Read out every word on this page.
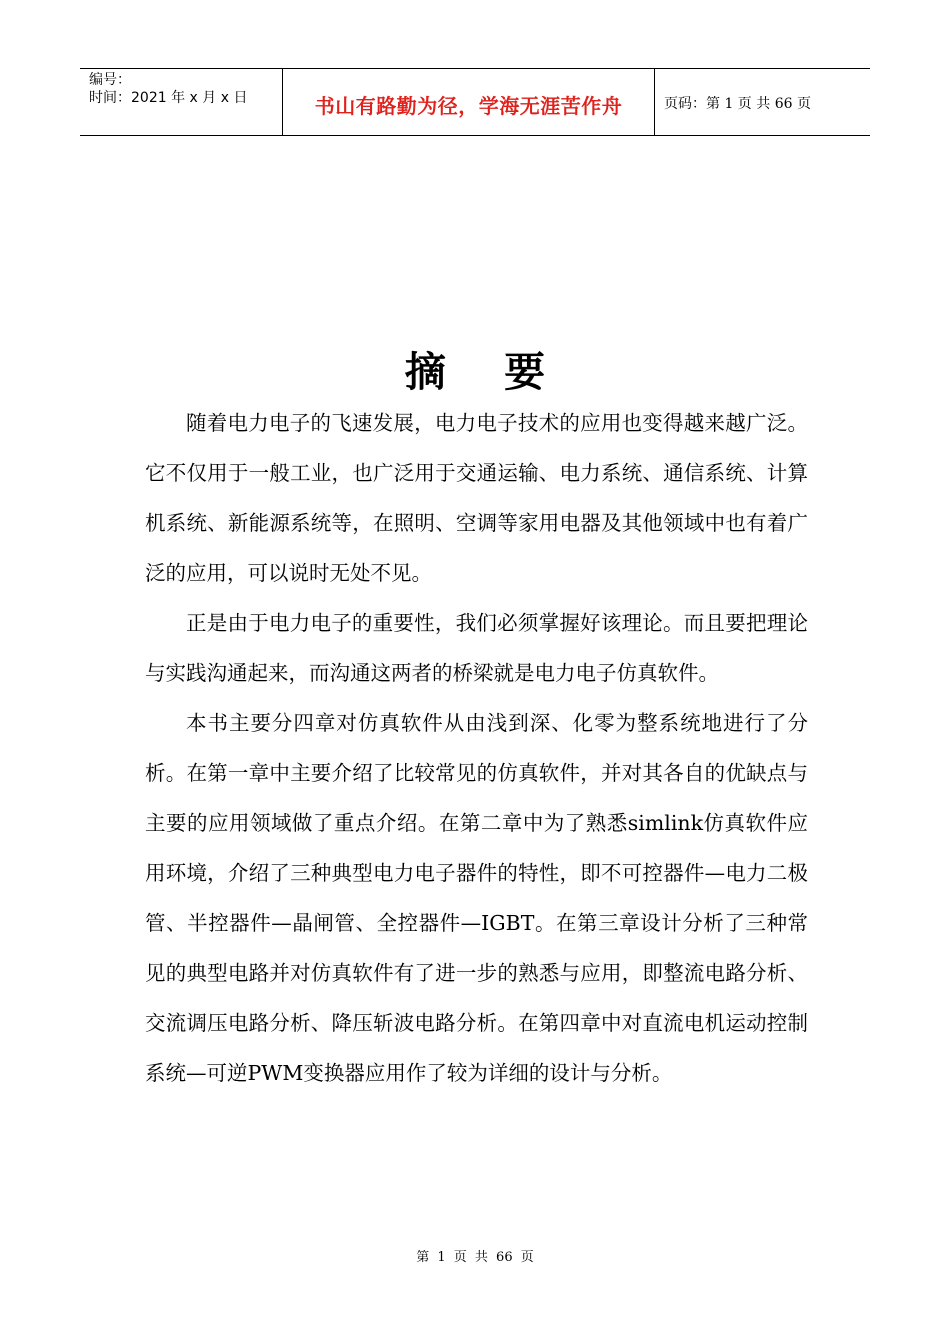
编号：
时间：2021 年 x 月 x 日	书山有路勤为径，学海无涯苦作舟	页码：第 1 页 共 66 页
摘 要

随着电力电子的飞速发展，电力电子技术的应用也变得越来越广泛。它不仅用于一般工业，也广泛用于交通运输、电力系统、通信系统、计算机系统、新能源系统等，在照明、空调等家用电器及其他领域中也有着广泛的应用，可以说时无处不见。

正是由于电力电子的重要性，我们必须掌握好该理论。而且要把理论与实践沟通起来，而沟通这两者的桥梁就是电力电子仿真软件。

本书主要分四章对仿真软件从由浅到深、化零为整系统地进行了分析。在第一章中主要介绍了比较常见的仿真软件，并对其各自的优缺点与主要的应用领域做了重点介绍。在第二章中为了熟悉simlink仿真软件应用环境，介绍了三种典型电力电子器件的特性，即不可控器件—电力二极管、半控器件—晶闸管、全控器件—IGBT。在第三章设计分析了三种常见的典型电路并对仿真软件有了进一步的熟悉与应用，即整流电路分析、交流调压电路分析、降压斩波电路分析。在第四章中对直流电机运动控制系统—可逆PWM变换器应用作了较为详细的设计与分析。

第 1 页 共 66 页
